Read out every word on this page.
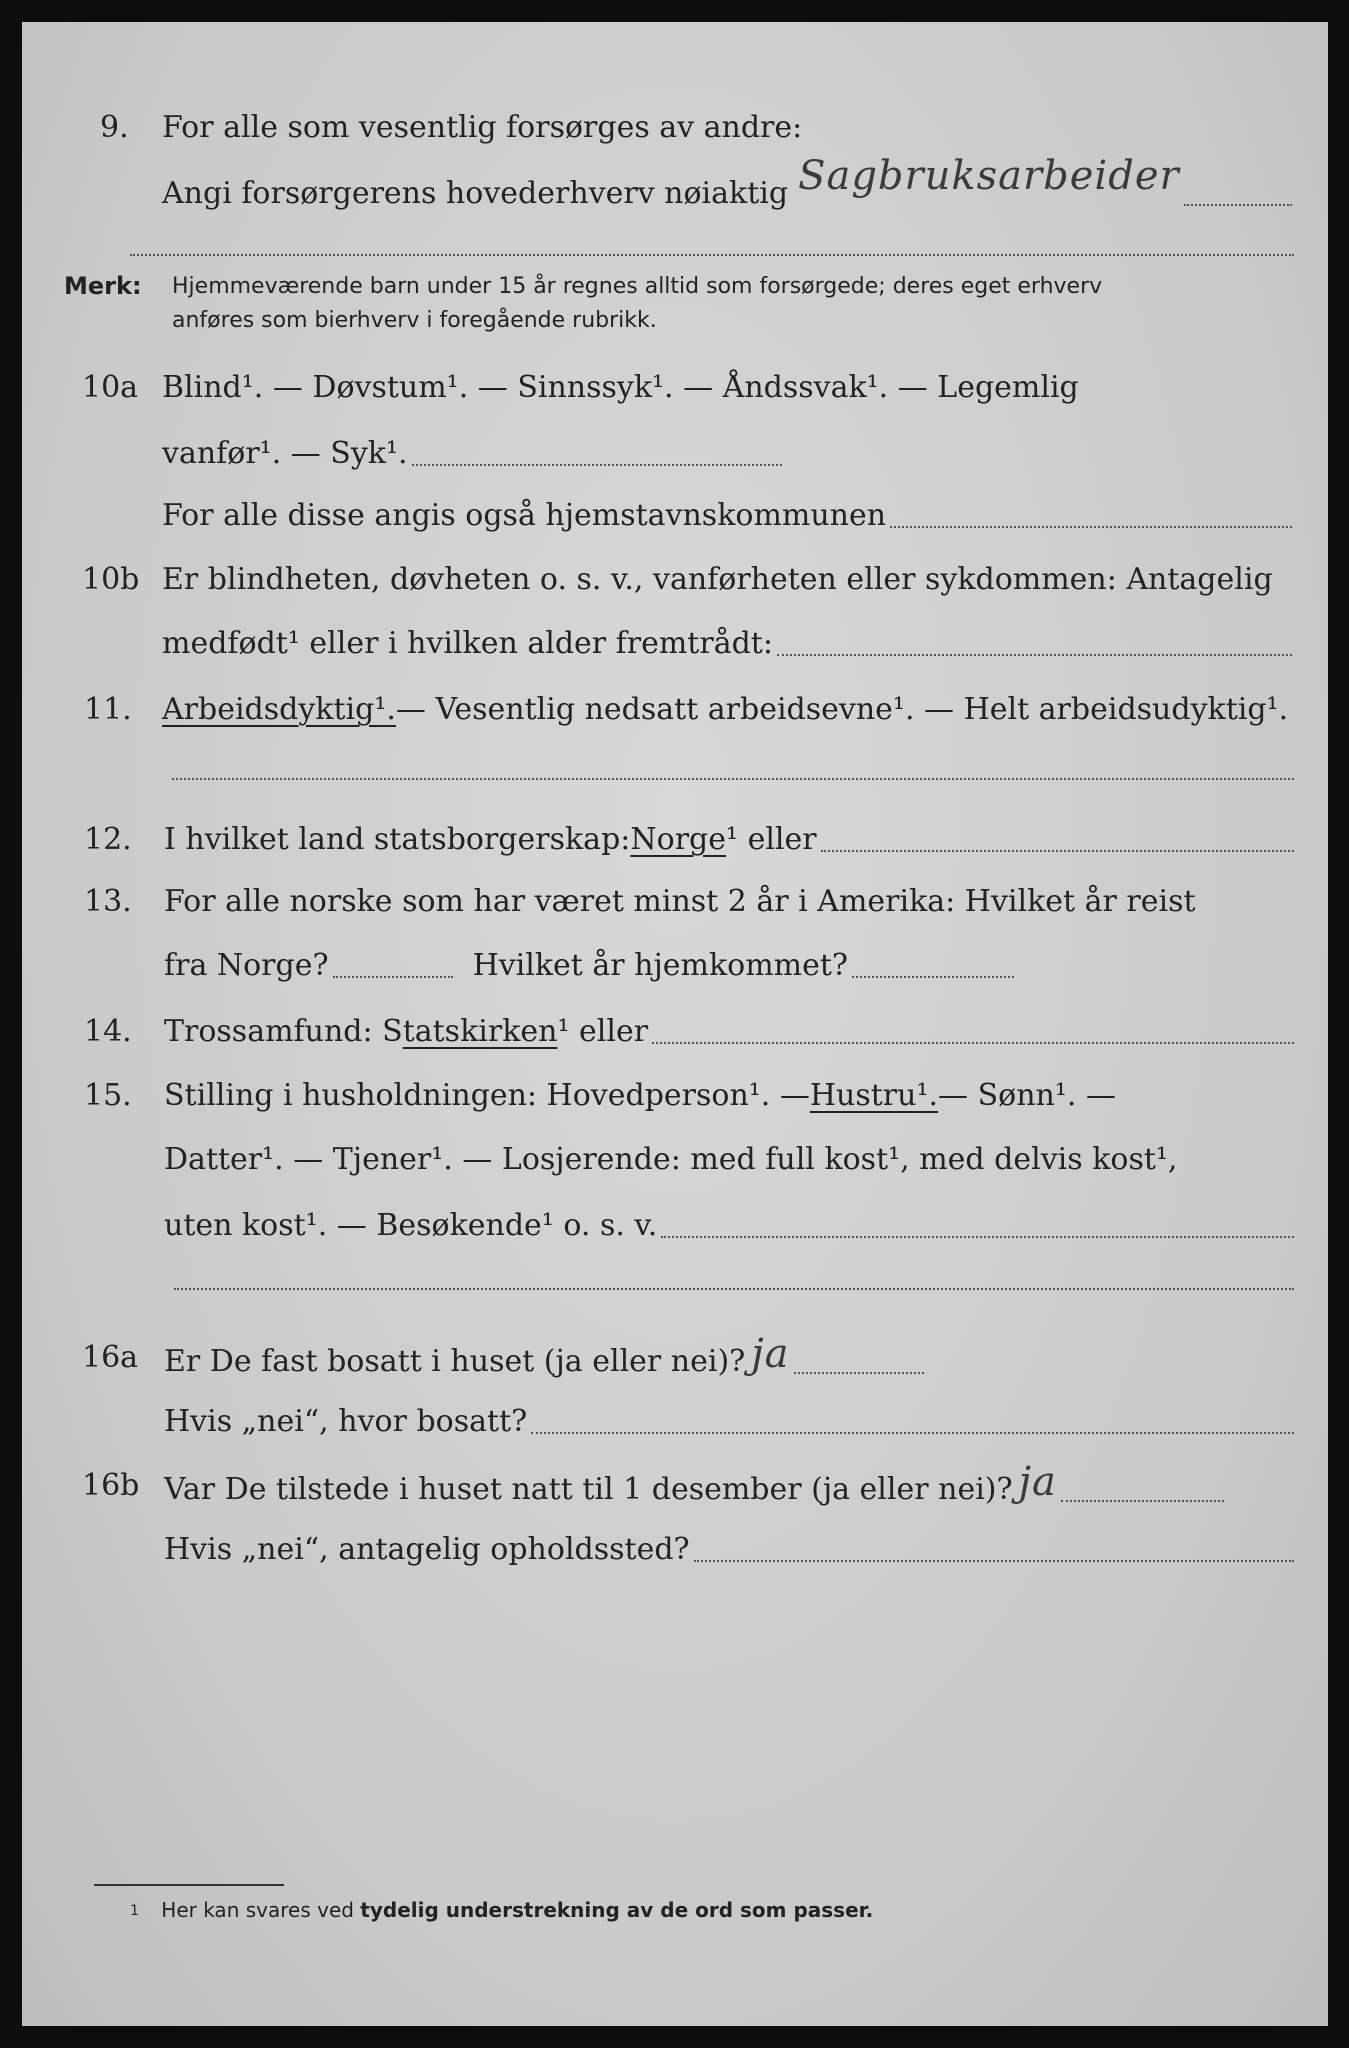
9. For alle som vesentlig forsørges av andre:
Angi forsørgerens hovederhverv nøiaktig Sagbruksarbeider
Merk: Hjemmeværende barn under 15 år regnes alltid som forsørgede; deres eget erhverv
anføres som bierhverv i foregående rubrikk.
10a Blind¹. — Døvstum¹. — Sinnssyk¹. — Åndssvak¹. — Legemlig
vanfør¹. — Syk¹.
For alle disse angis også hjemstavnskommunen
10b Er blindheten, døvheten o. s. v., vanførheten eller sykdommen: Antagelig
medfødt¹ eller i hvilken alder fremtrådt:
11. Arbeidsdyktig¹. — Vesentlig nedsatt arbeidsevne¹. — Helt arbeidsudyktig¹.
12. I hvilket land statsborgerskap: Norge ¹ eller
13. For alle norske som har været minst 2 år i Amerika: Hvilket år reist
fra Norge?	Hvilket år hjemkommet?
14. Trossamfund: S tatskirken ¹ eller
15. Stilling i husholdningen: Hovedperson¹. — Hustru¹. — Sønn¹. —
Datter¹. — Tjener¹. — Losjerende: med full kost¹, med delvis kost¹,
uten kost¹. — Besøkende¹ o. s. v.
16a Er De fast bosatt i huset (ja eller nei)? ja
Hvis „nei“, hvor bosatt?
16b Var De tilstede i huset natt til 1 desember (ja eller nei)? ja
Hvis „nei“, antagelig opholdssted?
1 Her kan svares ved tydelig understrekning av de ord som passer.
